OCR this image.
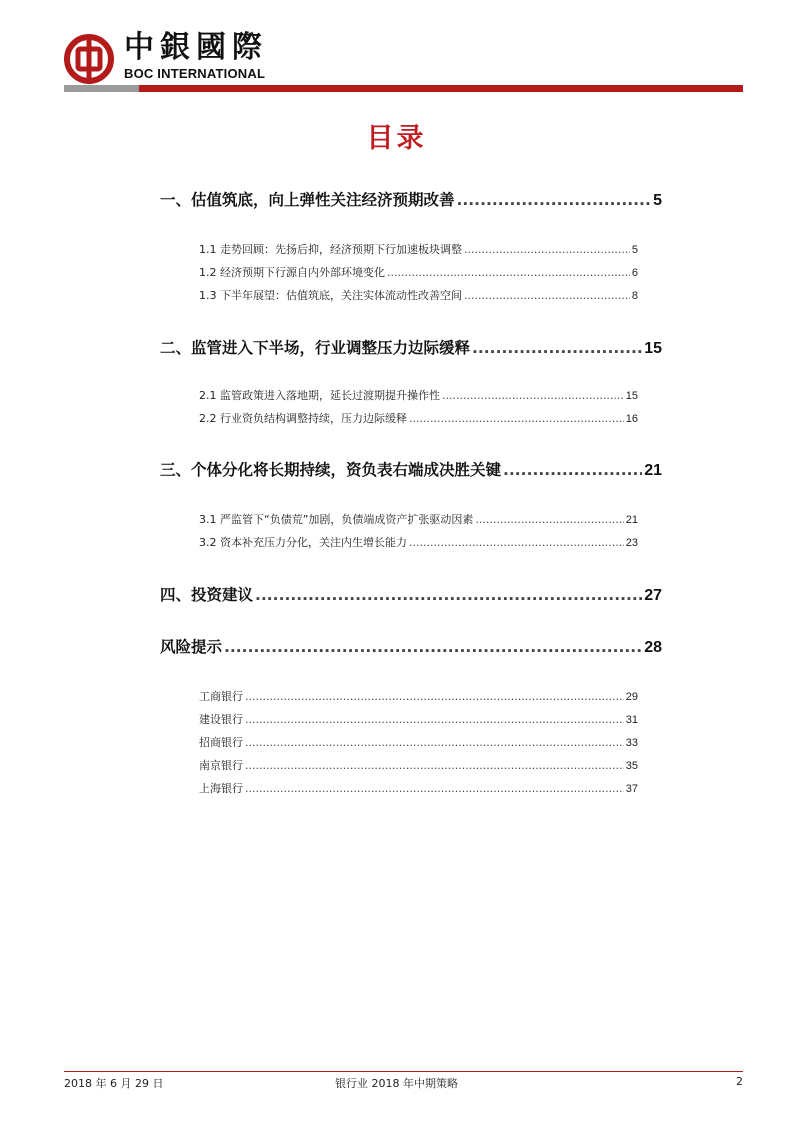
中銀國際
BOC INTERNATIONAL
目录
一、估值筑底，向上弹性关注经济预期改善 .....	5
1.1 走势回顾：先扬后抑，经济预期下行加速板块调整 .....	5
1.2 经济预期下行源自内外部环境变化 .....	6
1.3 下半年展望：估值筑底，关注实体流动性改善空间 .....	8
二、监管进入下半场，行业调整压力边际缓释 .....	15
2.1 监管政策进入落地期，延长过渡期提升操作性 .....	15
2.2 行业资负结构调整持续，压力边际缓释 .....	16
三、个体分化将长期持续，资负表右端成决胜关键 .....	21
3.1 严监管下“负债荒”加剧，负债端成资产扩张驱动因素 .....	21
3.2 资本补充压力分化，关注内生增长能力 .....	23
四、投资建议 .....	27
风险提示 .....	28
工商银行 .....	29
建设银行 .....	31
招商银行 .....	33
南京银行 .....	35
上海银行 .....	37
2018 年 6 月 29 日	银行业 2018 年中期策略	2
